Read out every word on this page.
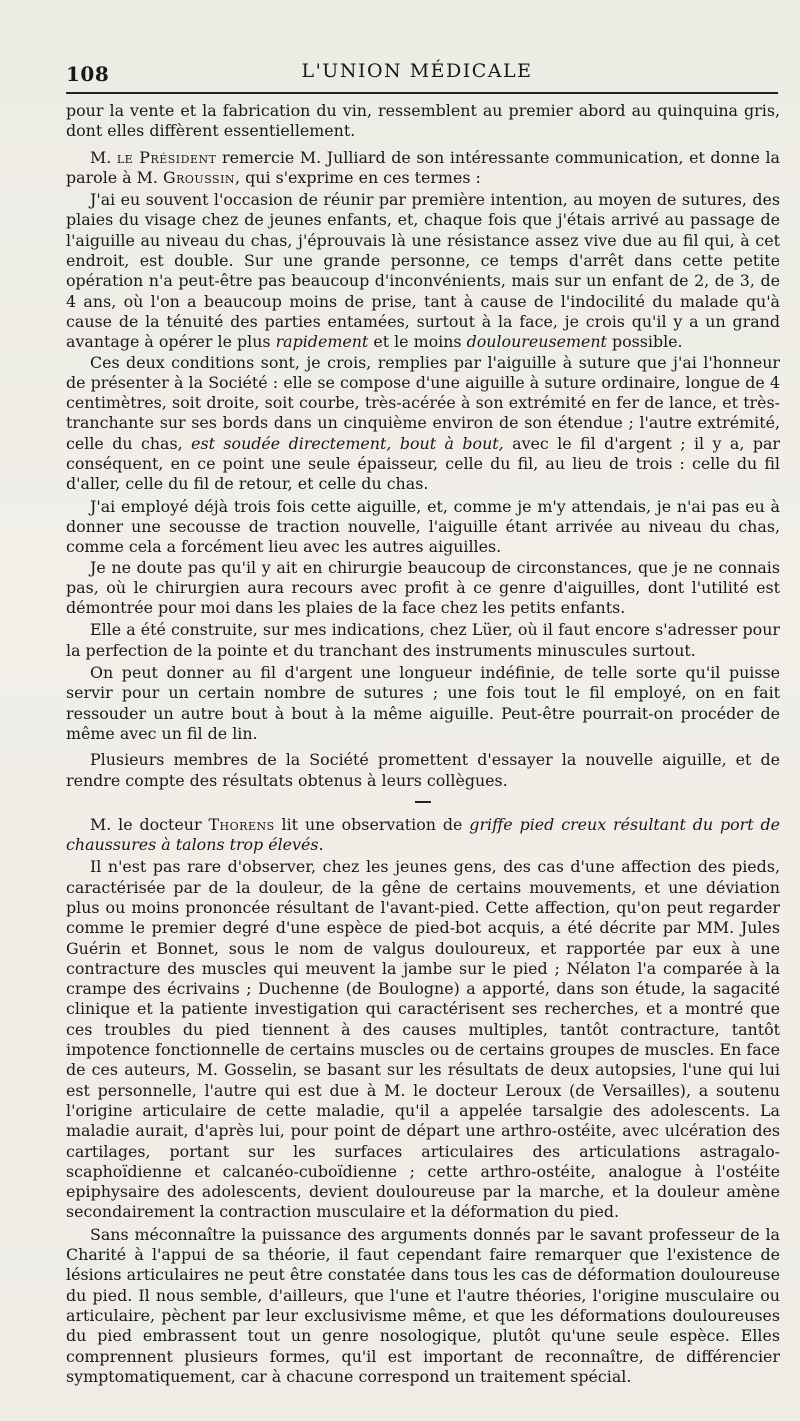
108	L'UNION MÉDICALE

pour la vente et la fabrication du vin, ressemblent au premier abord au quinquina gris, dont elles diffèrent essentiellement.

M. le Président remercie M. Julliard de son intéressante communication, et donne la parole à M. Groussin, qui s'exprime en ces termes :

J'ai eu souvent l'occasion de réunir par première intention, au moyen de sutures, des plaies du visage chez de jeunes enfants, et, chaque fois que j'étais arrivé au passage de l'aiguille au niveau du chas, j'éprouvais là une résistance assez vive due au fil qui, à cet endroit, est double. Sur une grande personne, ce temps d'arrêt dans cette petite opération n'a peut-être pas beaucoup d'inconvénients, mais sur un enfant de 2, de 3, de 4 ans, où l'on a beaucoup moins de prise, tant à cause de l'indocilité du malade qu'à cause de la ténuité des parties entamées, surtout à la face, je crois qu'il y a un grand avantage à opérer le plus rapidement et le moins douloureusement possible.

Ces deux conditions sont, je crois, remplies par l'aiguille à suture que j'ai l'honneur de présenter à la Société : elle se compose d'une aiguille à suture ordinaire, longue de 4 centimètres, soit droite, soit courbe, très-acérée à son extrémité en fer de lance, et très-tranchante sur ses bords dans un cinquième environ de son étendue ; l'autre extrémité, celle du chas, est soudée directement, bout à bout, avec le fil d'argent ; il y a, par conséquent, en ce point une seule épaisseur, celle du fil, au lieu de trois : celle du fil d'aller, celle du fil de retour, et celle du chas.

J'ai employé déjà trois fois cette aiguille, et, comme je m'y attendais, je n'ai pas eu à donner une secousse de traction nouvelle, l'aiguille étant arrivée au niveau du chas, comme cela a forcément lieu avec les autres aiguilles.

Je ne doute pas qu'il y ait en chirurgie beaucoup de circonstances, que je ne connais pas, où le chirurgien aura recours avec profit à ce genre d'aiguilles, dont l'utilité est démontrée pour moi dans les plaies de la face chez les petits enfants.

Elle a été construite, sur mes indications, chez Lüer, où il faut encore s'adresser pour la perfection de la pointe et du tranchant des instruments minuscules surtout.

On peut donner au fil d'argent une longueur indéfinie, de telle sorte qu'il puisse servir pour un certain nombre de sutures ; une fois tout le fil employé, on en fait ressouder un autre bout à bout à la même aiguille. Peut-être pourrait-on procéder de même avec un fil de lin.

Plusieurs membres de la Société promettent d'essayer la nouvelle aiguille, et de rendre compte des résultats obtenus à leurs collègues.

M. le docteur Thorens lit une observation de griffe pied creux résultant du port de chaussures à talons trop élevés.

Il n'est pas rare d'observer, chez les jeunes gens, des cas d'une affection des pieds, caractérisée par de la douleur, de la gêne de certains mouvements, et une déviation plus ou moins prononcée résultant de l'avant-pied. Cette affection, qu'on peut regarder comme le premier degré d'une espèce de pied-bot acquis, a été décrite par MM. Jules Guérin et Bonnet, sous le nom de valgus douloureux, et rapportée par eux à une contracture des muscles qui meuvent la jambe sur le pied ; Nélaton l'a comparée à la crampe des écrivains ; Duchenne (de Boulogne) a apporté, dans son étude, la sagacité clinique et la patiente investigation qui caractérisent ses recherches, et a montré que ces troubles du pied tiennent à des causes multiples, tantôt contracture, tantôt impotence fonctionnelle de certains muscles ou de certains groupes de muscles. En face de ces auteurs, M. Gosselin, se basant sur les résultats de deux autopsies, l'une qui lui est personnelle, l'autre qui est due à M. le docteur Leroux (de Versailles), a soutenu l'origine articulaire de cette maladie, qu'il a appelée tarsalgie des adolescents. La maladie aurait, d'après lui, pour point de départ une arthro-ostéite, avec ulcération des cartilages, portant sur les surfaces articulaires des articulations astragalo-scaphoïdienne et calcanéo-cuboïdienne ; cette arthro-ostéite, analogue à l'ostéite epiphysaire des adolescents, devient douloureuse par la marche, et la douleur amène secondairement la contraction musculaire et la déformation du pied.

Sans méconnaître la puissance des arguments donnés par le savant professeur de la Charité à l'appui de sa théorie, il faut cependant faire remarquer que l'existence de lésions articulaires ne peut être constatée dans tous les cas de déformation douloureuse du pied. Il nous semble, d'ailleurs, que l'une et l'autre théories, l'origine musculaire ou articulaire, pèchent par leur exclusivisme même, et que les déformations douloureuses du pied embrassent tout un genre nosologique, plutôt qu'une seule espèce. Elles comprennent plusieurs formes, qu'il est important de reconnaître, de différencier symptomatiquement, car à chacune correspond un traitement spécial.
